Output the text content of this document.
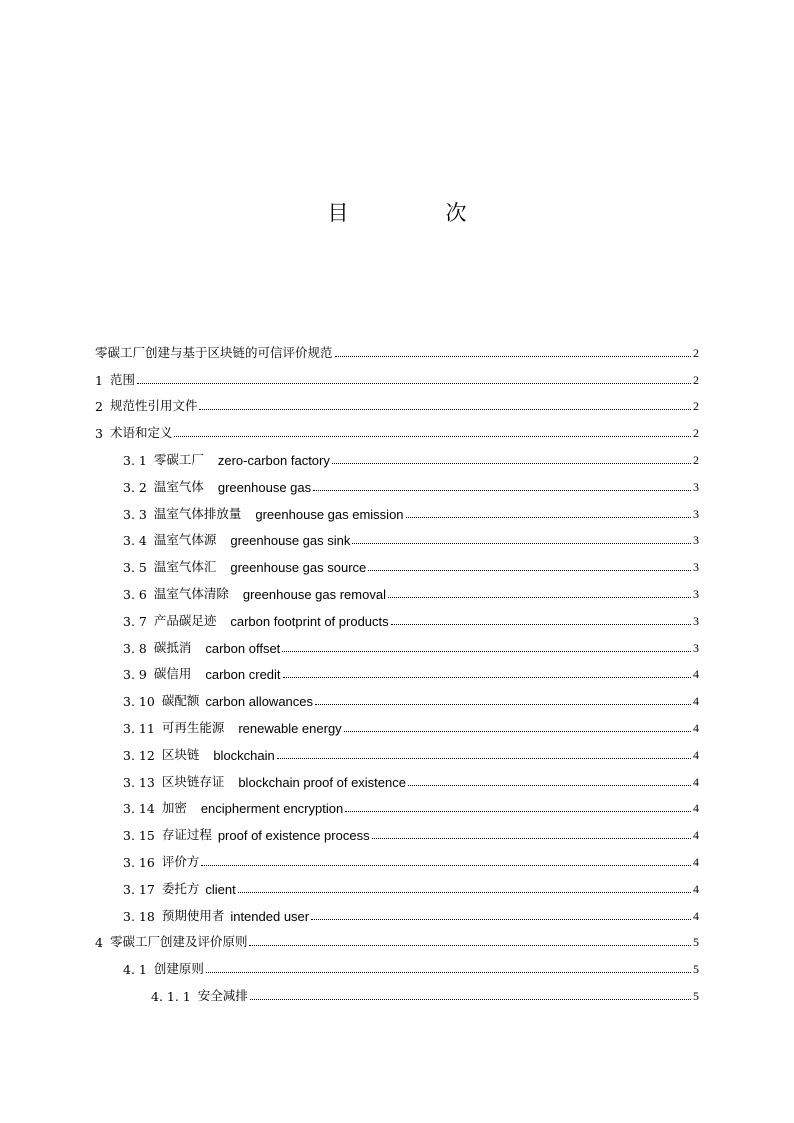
目　次
零碳工厂创建与基于区块链的可信评价规范	2
1 范围	2
2 规范性引用文件	2
3 术语和定义	2
3. 1 零碳工厂 zero-carbon factory	2
3. 2 温室气体 greenhouse gas	3
3. 3 温室气体排放量 greenhouse gas emission	3
3. 4 温室气体源 greenhouse gas sink	3
3. 5 温室气体汇 greenhouse gas source	3
3. 6 温室气体清除 greenhouse gas removal	3
3. 7 产品碳足迹 carbon footprint of products	3
3. 8 碳抵消 carbon offset	3
3. 9 碳信用 carbon credit	4
3. 10 碳配额 carbon allowances	4
3. 11 可再生能源 renewable energy	4
3. 12 区块链 blockchain	4
3. 13 区块链存证 blockchain proof of existence	4
3. 14 加密 encipherment encryption	4
3. 15 存证过程 proof of existence process	4
3. 16 评价方	4
3. 17 委托方 client	4
3. 18 预期使用者 intended user	4
4 零碳工厂创建及评价原则	5
4. 1 创建原则	5
4. 1. 1 安全减排	5
